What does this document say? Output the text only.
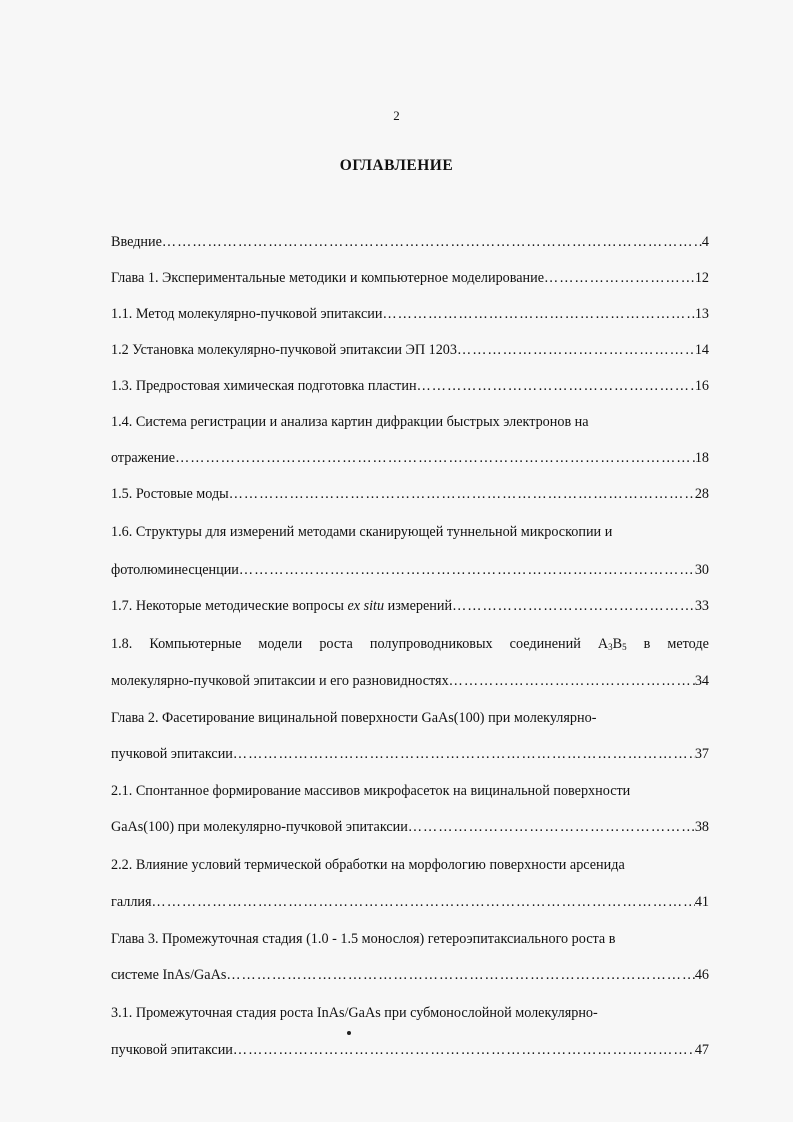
2
ОГЛАВЛЕНИЕ
Введние …………………………………………………………………………………………………………………………………………………………	4
Глава 1. Экспериментальные методики и компьютерное моделирование …………………………………………………………………………………………………………………………………………………………	12
1.1. Метод молекулярно-пучковой эпитаксии …………………………………………………………………………………………………………………………………………………………	13
1.2 Установка молекулярно-пучковой эпитаксии ЭП 1203 …………………………………………………………………………………………………………………………………………………………	14
1.3. Предростовая химическая подготовка пластин …………………………………………………………………………………………………………………………………………………………	16
1.4. Система регистрации и анализа картин дифракции быстрых электронов на
отражение …………………………………………………………………………………………………………………………………………………………	18
1.5. Ростовые моды …………………………………………………………………………………………………………………………………………………………	28
1.6. Структуры для измерений методами сканирующей туннельной микроскопии и
фотолюминесценции …………………………………………………………………………………………………………………………………………………………	30
1.7. Некоторые методические вопросы ex situ измерений …………………………………………………………………………………………………………………………………………………………	33
1.8. Компьютерные модели роста полупроводниковых соединений $A_3B_5$ в методе
молекулярно-пучковой эпитаксии и его разновидностях …………………………………………………………………………………………………………………………………………………………	34
Глава 2. Фасетирование вицинальной поверхности GaAs(100) при молекулярно-
пучковой эпитаксии …………………………………………………………………………………………………………………………………………………………	37
2.1. Спонтанное формирование массивов микрофасеток на вицинальной поверхности
GaAs(100) при молекулярно-пучковой эпитаксии …………………………………………………………………………………………………………………………………………………………	38
2.2. Влияние условий термической обработки на морфологию поверхности арсенида
галлия …………………………………………………………………………………………………………………………………………………………	41
Глава 3. Промежуточная стадия (1.0 - 1.5 монослоя) гетероэпитаксиального роста в
системе InAs/GaAs …………………………………………………………………………………………………………………………………………………………	46
3.1. Промежуточная стадия роста InAs/GaAs при субмонослойной молекулярно-
пучковой эпитаксии …………………………………………………………………………………………………………………………………………………………	47
